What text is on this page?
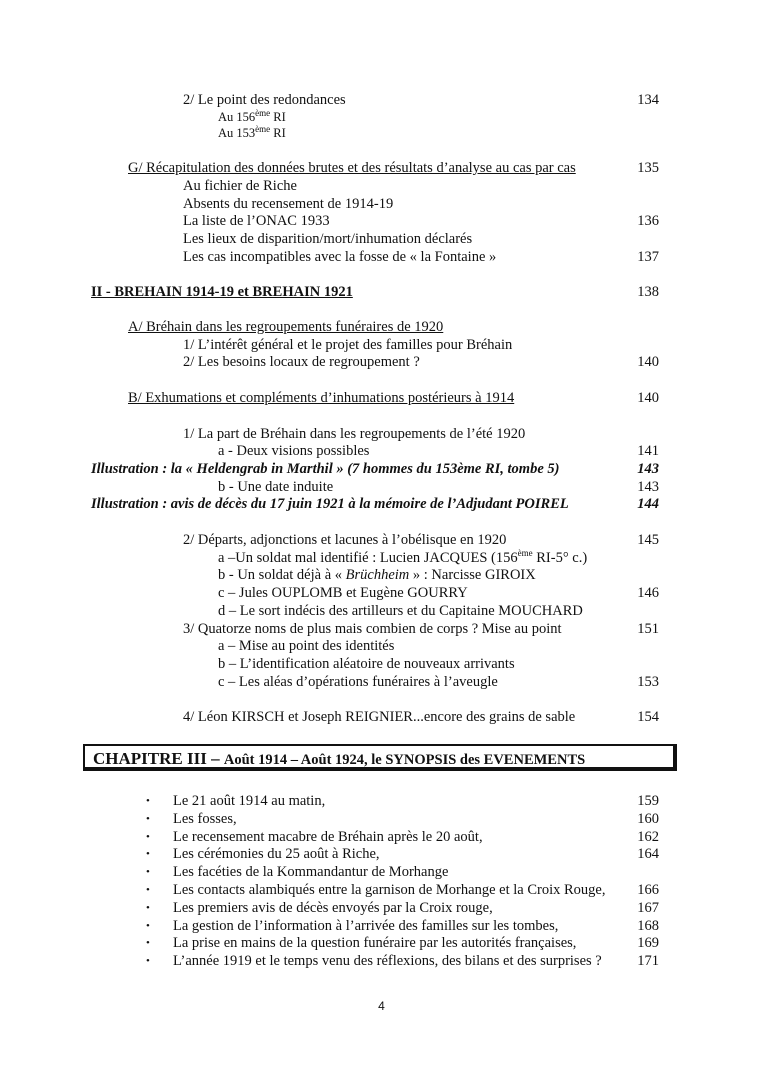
2/ Le point des redondances	134
Au 156ème RI
Au 153ème RI
G/ Récapitulation des données brutes et des résultats d’analyse au cas par cas	135
Au fichier de Riche
Absents du recensement de 1914-19
La liste de l’ONAC 1933	136
Les lieux de disparition/mort/inhumation déclarés
Les cas incompatibles avec la fosse de « la Fontaine »	137
II - BREHAIN 1914-19 et BREHAIN 1921	138
A/ Bréhain dans les regroupements funéraires de 1920
1/ L’intérêt général et le projet des familles pour Bréhain
2/ Les besoins locaux de regroupement ?	140
B/ Exhumations et compléments d’inhumations postérieurs à 1914	140
1/ La part de Bréhain dans les regroupements de l’été 1920
a - Deux visions possibles	141
Illustration : la « Heldengrab in Marthil » (7 hommes du 153ème RI, tombe 5)	143
b - Une date induite	143
Illustration : avis de décès du 17 juin 1921 à la mémoire de l’Adjudant POIREL	144
2/ Départs, adjonctions et lacunes à l’obélisque en 1920	145
a –Un soldat mal identifié : Lucien JACQUES (156ème RI-5° c.)
b - Un soldat déjà à « Brüchheim » : Narcisse GIROIX
c – Jules OUPLOMB et Eugène GOURRY	146
d – Le sort indécis des artilleurs et du Capitaine MOUCHARD
3/ Quatorze noms de plus mais combien de corps ? Mise au point	151
a – Mise au point des identités
b – L’identification aléatoire de nouveaux arrivants
c – Les aléas d’opérations funéraires à l’aveugle	153
4/ Léon KIRSCH et Joseph REIGNIER...encore des grains de sable	154
CHAPITRE III – Août 1914 – Août 1924, le SYNOPSIS des EVENEMENTS
• Le 21 août 1914 au matin,	159
• Les fosses,	160
• Le recensement macabre de Bréhain après le 20 août,	162
• Les cérémonies du 25 août à Riche,	164
• Les facéties de la Kommandantur de Morhange
• Les contacts alambiqués entre la garnison de Morhange et la Croix Rouge, 166
• Les premiers avis de décès envoyés par la Croix rouge,	167
• La gestion de l’information à l’arrivée des familles sur les tombes,	168
• La prise en mains de la question funéraire par les autorités françaises,	169
• L’année 1919 et le temps venu des réflexions, des bilans et des surprises ? 171
4
